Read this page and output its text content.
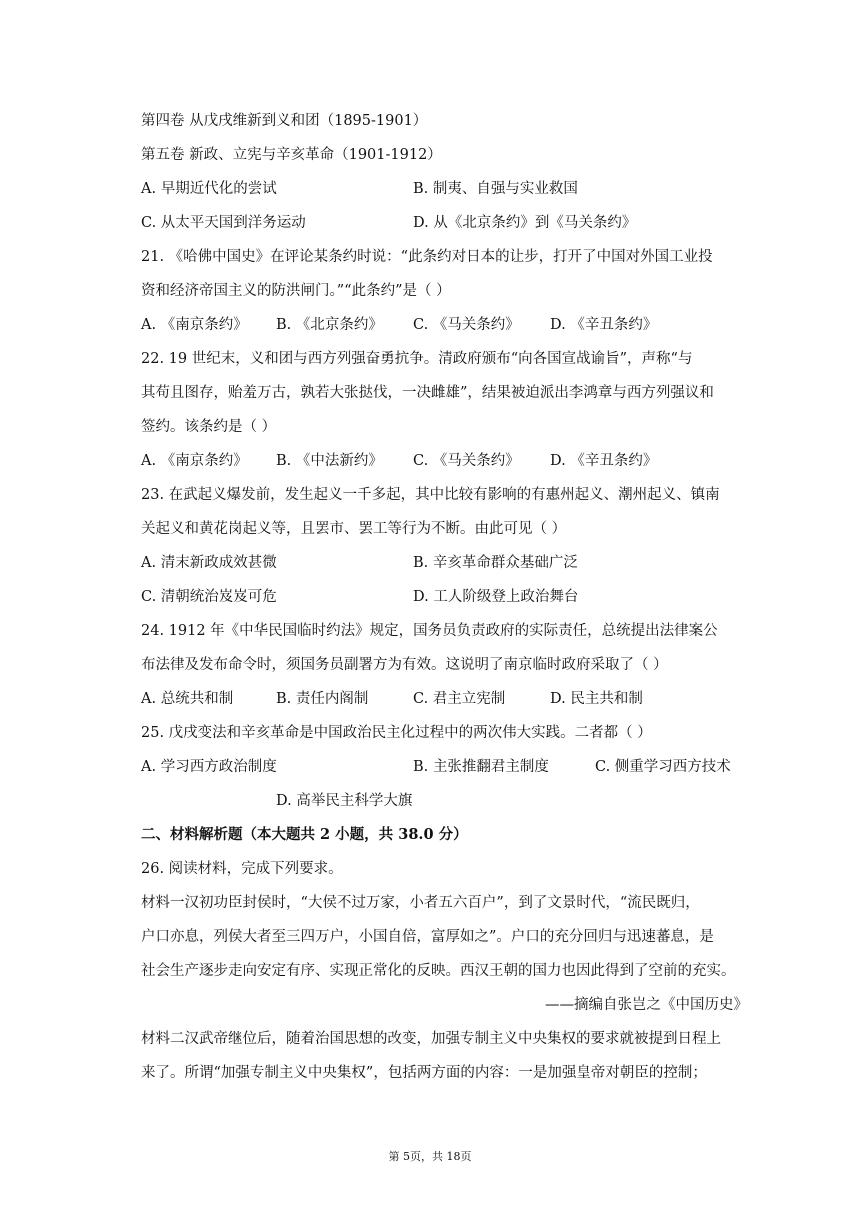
第四卷 从戊戌维新到义和团（1895-1901）
第五卷 新政、立宪与辛亥革命（1901-1912）
A. 早期近代化的尝试	B. 制夷、自强与实业救国
C. 从太平天国到洋务运动	D. 从《北京条约》到《马关条约》
21. 《哈佛中国史》在评论某条约时说：“此条约对日本的让步，打开了中国对外国工业投
资和经济帝国主义的防洪闸门。”“此条约”是（ ）
A. 《南京条约》 B. 《北京条约》 C. 《马关条约》 D. 《辛丑条约》
22. 19 世纪末，义和团与西方列强奋勇抗争。清政府颁布“向各国宣战谕旨”，声称“与
其苟且图存，贻羞万古，孰若大张挞伐，一决雌雄”，结果被迫派出李鸿章与西方列强议和
签约。该条约是（ ）
A. 《南京条约》 B. 《中法新约》 C. 《马关条约》 D. 《辛丑条约》
23. 在武起义爆发前，发生起义一千多起，其中比较有影响的有惠州起义、潮州起义、镇南
关起义和黄花岗起义等，且罢市、罢工等行为不断。由此可见（ ）
A. 清末新政成效甚微	B. 辛亥革命群众基础广泛
C. 清朝统治岌岌可危	D. 工人阶级登上政治舞台
24. 1912 年《中华民国临时约法》规定，国务员负责政府的实际责任，总统提出法律案公
布法律及发布命令时，须国务员副署方为有效。这说明了南京临时政府采取了（ ）
A. 总统共和制	B. 责任内阁制	C. 君主立宪制	D. 民主共和制
25. 戊戌变法和辛亥革命是中国政治民主化过程中的两次伟大实践。二者都（ ）
A. 学习西方政治制度	B. 主张推翻君主制度	C. 侧重学习西方技术
D. 高举民主科学大旗
二、材料解析题（本大题共 2 小题，共 38.0 分）
26. 阅读材料，完成下列要求。
材料一汉初功臣封侯时，“大侯不过万家，小者五六百户”，到了文景时代，“流民既归，
户口亦息，列侯大者至三四万户，小国自倍，富厚如之”。户口的充分回归与迅速蕃息，是
社会生产逐步走向安定有序、实现正常化的反映。西汉王朝的国力也因此得到了空前的充实。
——摘编自张岂之《中国历史》
材料二汉武帝继位后，随着治国思想的改变，加强专制主义中央集权的要求就被提到日程上
来了。所谓“加强专制主义中央集权”，包括两方面的内容：一是加强皇帝对朝臣的控制；
第 5页，共 18页
